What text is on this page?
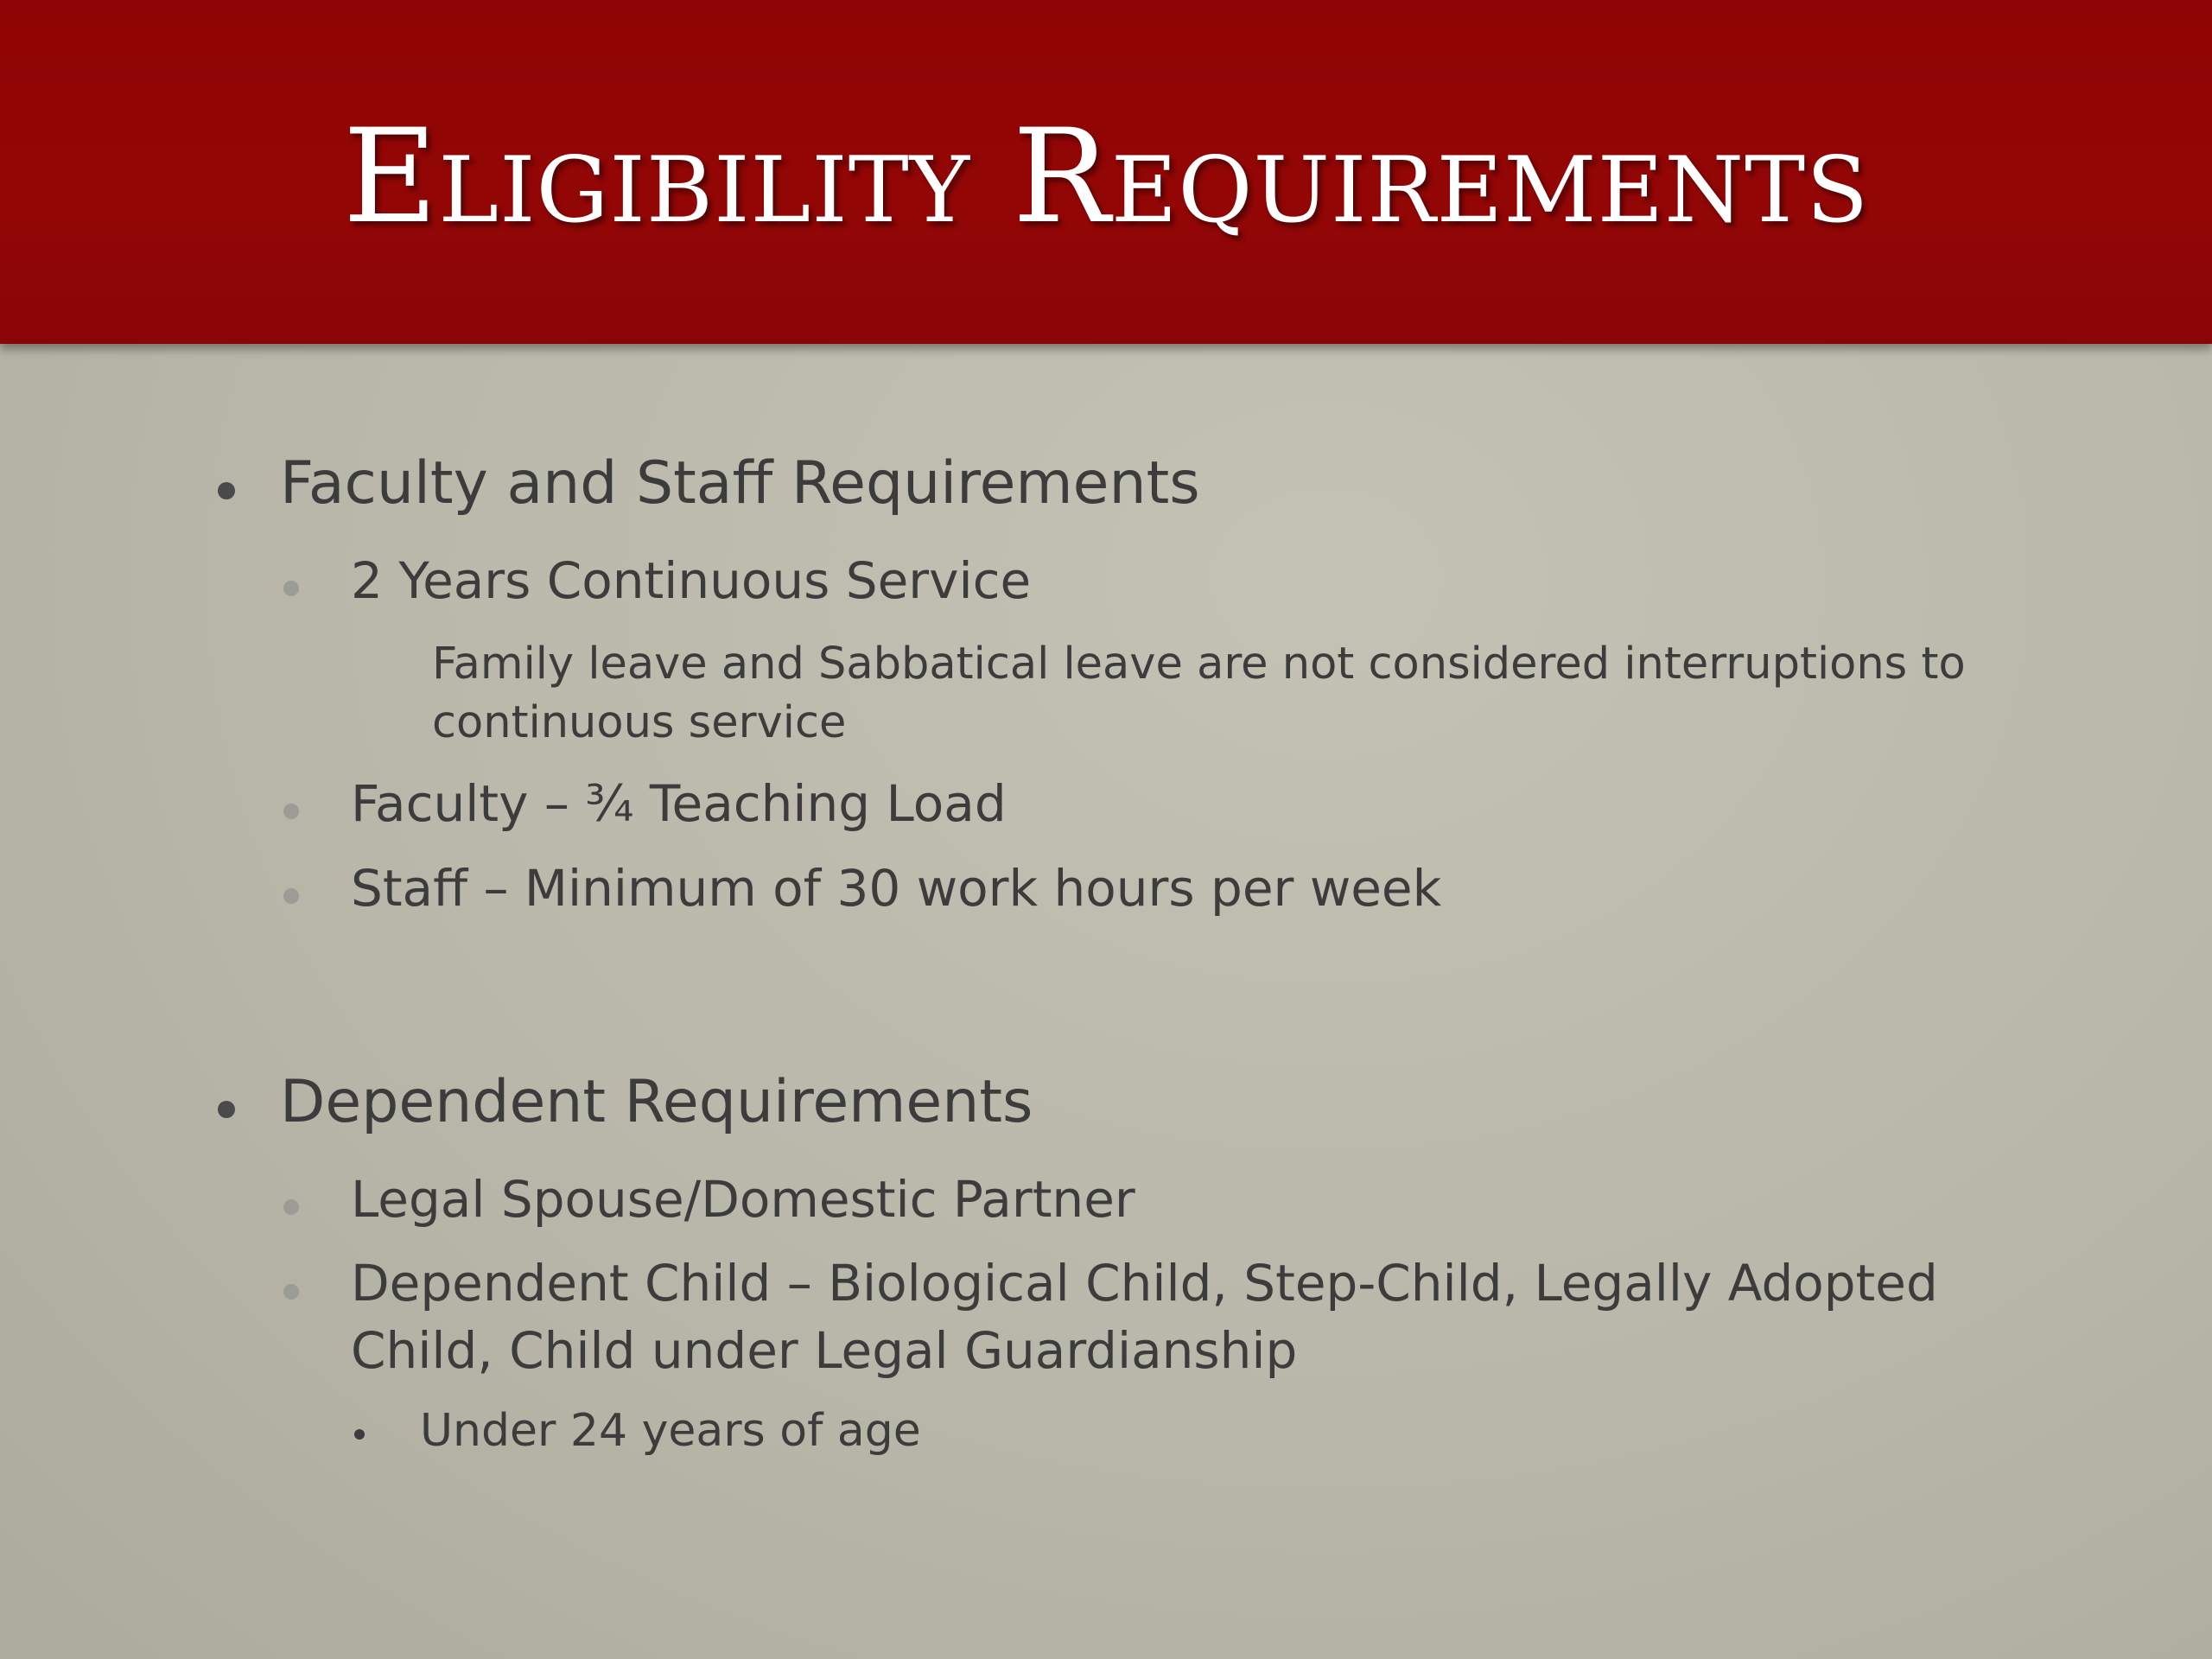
Eligibility Requirements
Faculty and Staff Requirements
2 Years Continuous Service
Family leave and Sabbatical leave are not considered interruptions to
continuous service
Faculty – ¾ Teaching Load
Staff – Minimum of 30 work hours per week
Dependent Requirements
Legal Spouse/Domestic Partner
Dependent Child – Biological Child, Step-Child, Legally Adopted
Child, Child under Legal Guardianship
Under 24 years of age
